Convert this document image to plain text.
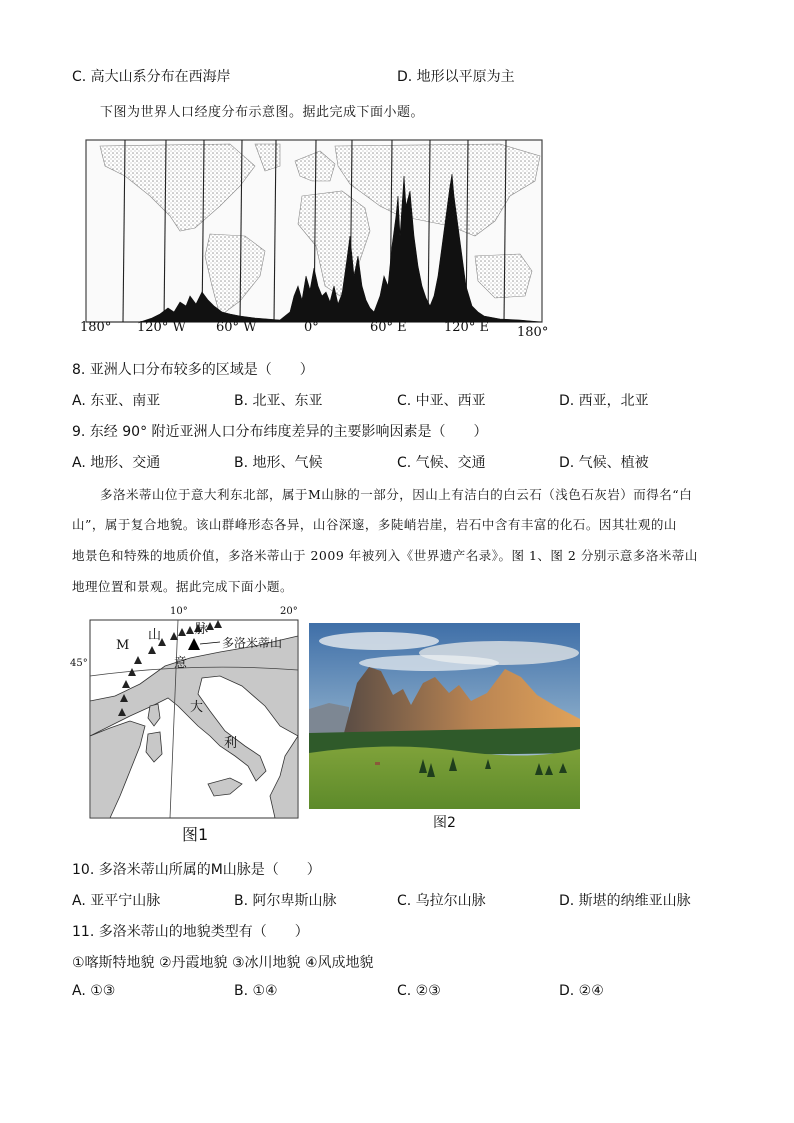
C. 高大山系分布在西海岸	D. 地形以平原为主
下图为世界人口经度分布示意图。据此完成下面小题。
180° 120° W 60° W	0°	60° E	120° E 180°
8. 亚洲人口分布较多的区域是（　　）
A. 东亚、南亚	B. 北亚、东亚	C. 中亚、西亚	D. 西亚，北亚
9. 东经 90° 附近亚洲人口分布纬度差异的主要影响因素是（　　）
A. 地形、交通	B. 地形、气候	C. 气候、交通	D. 气候、植被
多洛米蒂山位于意大利东北部，属于M山脉的一部分，因山上有洁白的白云石（浅色石灰岩）而得名“白
山”，属于复合地貌。该山群峰形态各异，山谷深邃，多陡峭岩崖，岩石中含有丰富的化石。因其壮观的山
地景色和特殊的地质价值，多洛米蒂山于 2009 年被列入《世界遗产名录》。图 1、图 2 分别示意多洛米蒂山
地理位置和景观。据此完成下面小题。
10°	20°
45°
山	脉
M	多洛米蒂山
意
大
利
图1
图2
10. 多洛米蒂山所属的M山脉是（　　）
A. 亚平宁山脉	B. 阿尔卑斯山脉	C. 乌拉尔山脉	D. 斯堪的纳维亚山脉
11. 多洛米蒂山的地貌类型有（　　）
①喀斯特地貌 ②丹霞地貌 ③冰川地貌 ④风成地貌
A. ①③	B. ①④	C. ②③	D. ②④
